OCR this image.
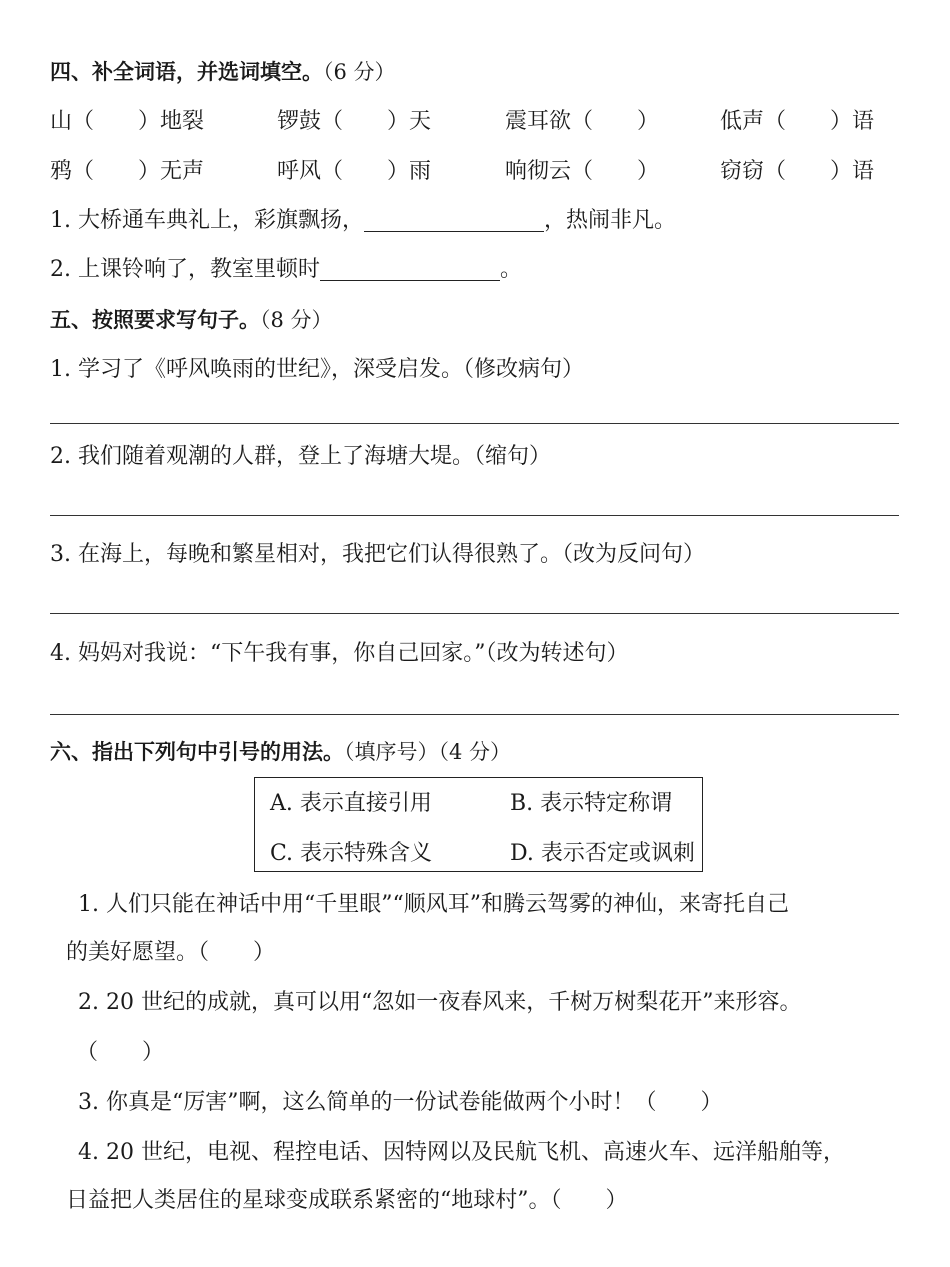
四、补全词语，并选词填空。（6 分）
山（　　）地裂	锣鼓（　　）天	震耳欲（　　）	低声（　　）语
鸦（　　）无声	呼风（　　）雨	响彻云（　　）	窃窃（　　）语
1. 大桥通车典礼上，彩旗飘扬，	，热闹非凡。
2. 上课铃响了，教室里顿时	。
五、按照要求写句子。（8 分）
1. 学习了《呼风唤雨的世纪》，深受启发。（修改病句）
2. 我们随着观潮的人群，登上了海塘大堤。（缩句）
3. 在海上，每晚和繁星相对，我把它们认得很熟了。（改为反问句）
4. 妈妈对我说：“下午我有事，你自己回家。”（改为转述句）
六、指出下列句中引号的用法。（填序号）（4 分）
A. 表示直接引用	B. 表示特定称谓
C. 表示特殊含义	D. 表示否定或讽刺
1. 人们只能在神话中用“千里眼”“顺风耳”和腾云驾雾的神仙，来寄托自己
的美好愿望。（　　）
2. 20 世纪的成就，真可以用“忽如一夜春风来，千树万树梨花开”来形容。
（　　）
3. 你真是“厉害”啊，这么简单的一份试卷能做两个小时！（　　）
4. 20 世纪，电视、程控电话、因特网以及民航飞机、高速火车、远洋船舶等，
日益把人类居住的星球变成联系紧密的“地球村”。（　　）
